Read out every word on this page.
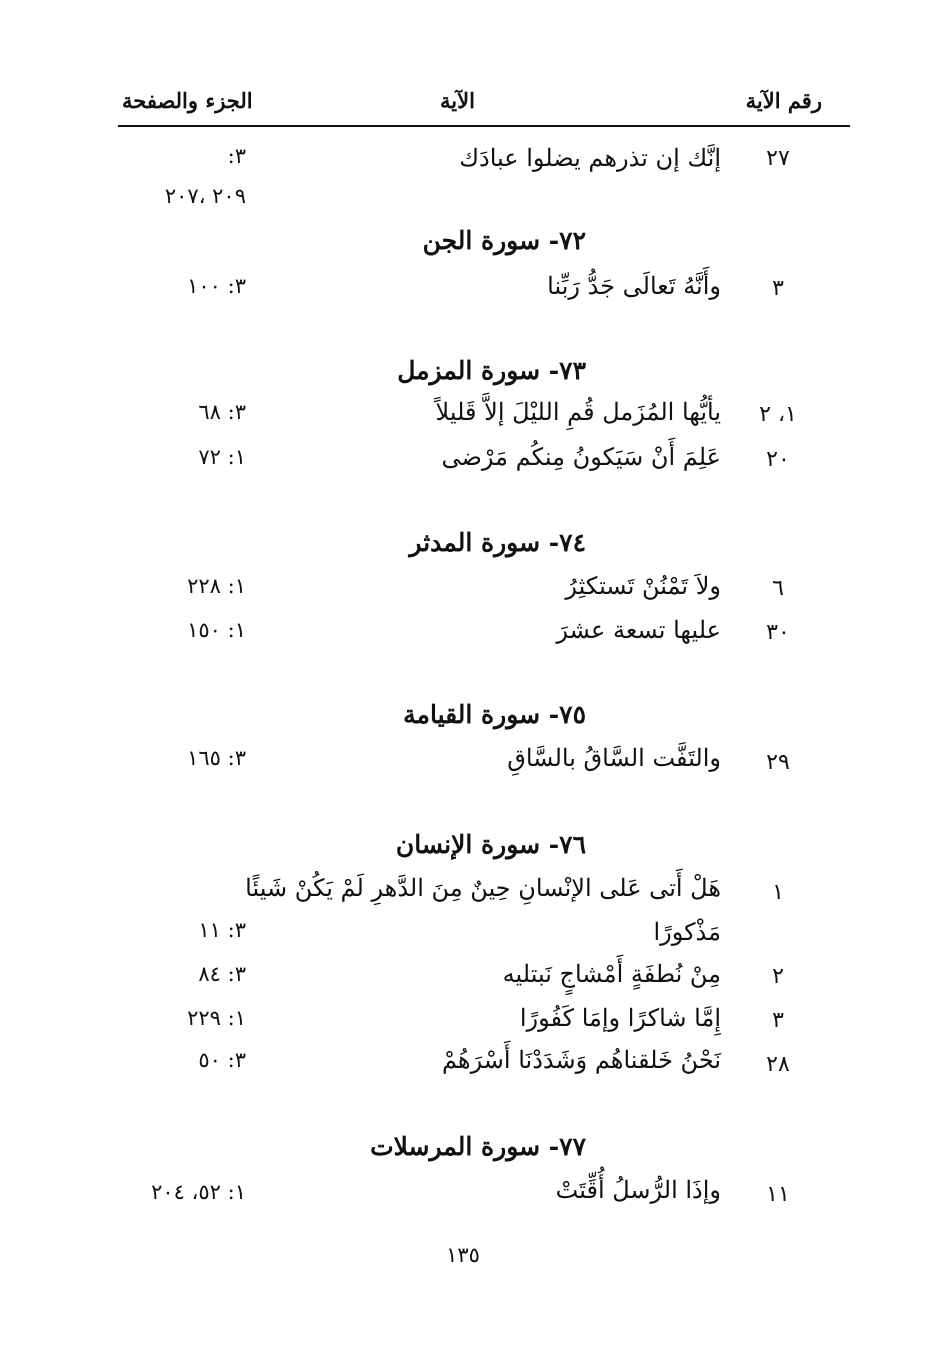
رقم الآية
الآية
الجزء والصفحة
٢٧
إنَّك إن تذرهم يضلوا عبادَك
٣:
٢٠٩ ،٢٠٧
٧٢- سورة الجن
٣
وأَنَّهُ تَعالَى جَدُّ رَبِّنا
٣: ١٠٠
٧٣- سورة المزمل
١، ٢
يأيُّها المُزَمل قُمِ الليْلَ إلاَّ قَليلاً
٣: ٦٨
٢٠
عَلِمَ أَنْ سَيَكونُ مِنكُم مَرْضى
١: ٧٢
٧٤- سورة المدثر
٦
ولاَ تَمْنُنْ تَستكثِرُ
١: ٢٢٨
٣٠
عليها تسعة عشرَ
١: ١٥٠
٧٥- سورة القيامة
٢٩
والتَفَّت السَّاقُ بالسَّاقِ
٣: ١٦٥
٧٦- سورة الإنسان
١
هَلْ أَتى عَلى الإنْسانِ حِينٌ مِنَ الدَّهرِ لَمْ يَكُنْ شَيئًا
مَذْكورًا
٣: ١١
٢
مِنْ نُطفَةٍ أَمْشاجٍ نَبتليه
٣: ٨٤
٣
إِمَّا شاكرًا وإمَا كَفُورًا
١: ٢٢٩
٢٨
نَحْنُ خَلقناهُم وَشَدَدْنَا أَسْرَهُمْ
٣: ٥٠
٧٧- سورة المرسلات
١١
وإذَا الرُّسلُ أُقِّتَتْ
١: ٥٢، ٢٠٤
١٣٥
